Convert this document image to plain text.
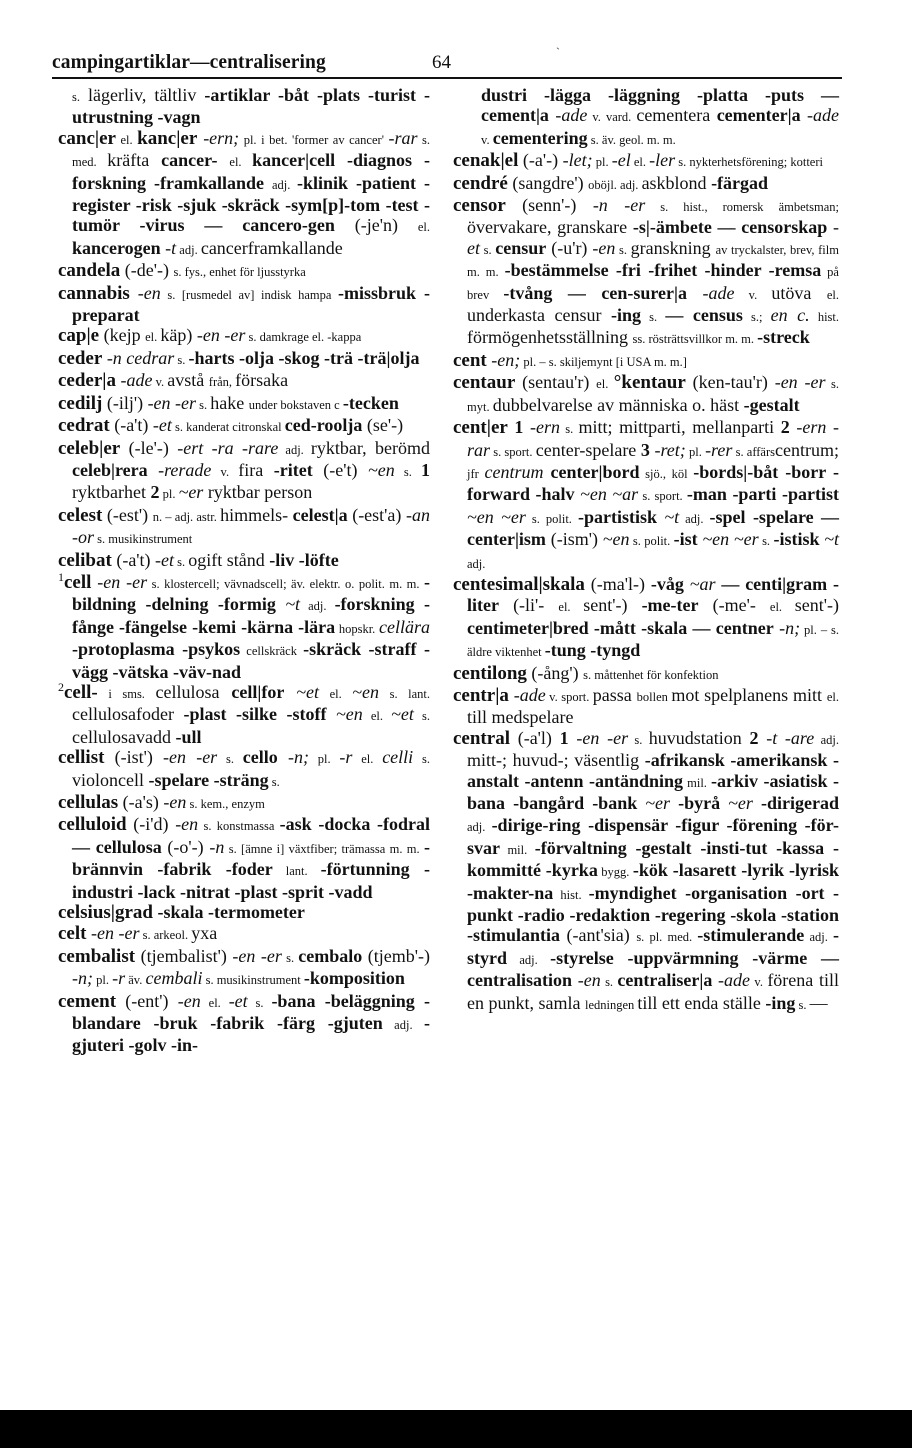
ˏ
campingartiklar—centralisering	64

s. lägerliv, tältliv -artiklar -båt -plats -turist -utrustning -vagn

canc|er el. kanc|er -ern; pl. i bet. 'former av cancer' -rar s. med. kräfta cancer- el. kancer|cell -diagnos -forskning -framkallande adj. -klinik -patient -register -risk -sjuk -skräck -sym[p]-tom -test -tumör -virus — cancero-gen (-je'n) el. kancerogen -t adj. cancerframkallande

candela (-de'-) s. fys., enhet för ljusstyrka

cannabis -en s. [rusmedel av] indisk hampa -missbruk -preparat

cap|e (kejp el. käp) -en -er s. damkrage el. -kappa

ceder -n cedrar s. -harts -olja -skog -trä -trä|olja

ceder|a -ade v. avstå från, försaka

cedilj (-ilj') -en -er s. hake under bokstaven c -tecken

cedrat (-a't) -et s. kanderat citronskal ced-roolja (se'-)

celeb|er (-le'-) -ert -ra -rare adj. ryktbar, berömd celeb|rera -rerade v. fira -ritet (-e't) ~en s. 1 ryktbarhet 2 pl. ~er ryktbar person

celest (-est') n. – adj. astr. himmels- celest|a (-est'a) -an -or s. musikinstrument

celibat (-a't) -et s. ogift stånd -liv -löfte

$^1$cell -en -er s. klostercell; vävnadscell; äv. elektr. o. polit. m. m. -bildning -delning -formig ~t adj. -forskning -fånge -fängelse -kemi -kärna -lära hopskr. cellära -protoplasma -psykos cellskräck -skräck -straff -vägg -vätska -väv-nad

$^2$cell- i sms. cellulosa cell|for ~et el. ~en s. lant. cellulosafoder -plast -silke -stoff ~en el. ~et s. cellulosavadd -ull

cellist (-ist') -en -er s. cello -n; pl. -r el. celli s. violoncell -spelare -sträng s.

cellulas (-a's) -en s. kem., enzym

celluloid (-i'd) -en s. konstmassa -ask -docka -fodral — cellulosa (-o'-) -n s. [ämne i] växtfiber; trämassa m. m. -brännvin -fabrik -foder lant. -förtunning -industri -lack -nitrat -plast -sprit -vadd

celsius|grad -skala -termometer

celt -en -er s. arkeol. yxa

cembalist (tjembalist') -en -er s. cembalo (tjemb'-) -n; pl. -r äv. cembali s. musikinstrument -komposition

cement (-ent') -en el. -et s. -bana -beläggning -blandare -bruk -fabrik -färg -gjuten adj. -gjuteri -golv -in-

dustri -lägga -läggning -platta -puts — cement|a -ade v. vard. cementera cementer|a -ade v. cementering s. äv. geol. m. m.

cenak|el (-a'-) -let; pl. -el el. -ler s. nykterhetsförening; kotteri

cendré (sangdre') oböjl. adj. askblond -färgad

censor (senn'-) -n -er s. hist., romersk ämbetsman; övervakare, granskare -s|-ämbete — censorskap -et s. censur (-u'r) -en s. granskning av tryckalster, brev, film m. m. -bestämmelse -fri -frihet -hinder -remsa på brev -tvång — cen-surer|a -ade v. utöva el. underkasta censur -ing s. — census s.; en c. hist. förmögenhetsställning ss. rösträttsvillkor m. m. -streck

cent -en; pl. – s. skiljemynt [i USA m. m.]

centaur (sentau'r) el. °kentaur (ken-tau'r) -en -er s. myt. dubbelvarelse av människa o. häst -gestalt

cent|er 1 -ern s. mitt; mittparti, mellanparti 2 -ern -rar s. sport. center-spelare 3 -ret; pl. -rer s. affärscentrum; jfr centrum center|bord sjö., köl -bords|-båt -borr -forward -halv ~en ~ar s. sport. -man -parti -partist ~en ~er s. polit. -partistisk ~t adj. -spel -spelare — center|ism (-ism') ~en s. polit. -ist ~en ~er s. -istisk ~t adj.

centesimal|skala (-ma'l-) -våg ~ar — centi|gram -liter (-li'- el. sent'-) -me-ter (-me'- el. sent'-) centimeter|bred -mått -skala — centner -n; pl. – s. äldre viktenhet -tung -tyngd

centilong (-ång') s. måttenhet för konfektion

centr|a -ade v. sport. passa bollen mot spelplanens mitt el. till medspelare

central (-a'l) 1 -en -er s. huvudstation 2 -t -are adj. mitt-; huvud-; väsentlig -afrikansk -amerikansk -anstalt -antenn -antändning mil. -arkiv -asiatisk -bana -bangård -bank ~er -byrå ~er -dirigerad adj. -dirige-ring -dispensär -figur -förening -för-svar mil. -förvaltning -gestalt -insti-tut -kassa -kommitté -kyrka bygg. -kök -lasarett -lyrik -lyrisk -makter-na hist. -myndighet -organisation -ort -punkt -radio -redaktion -regering -skola -station -stimulantia (-ant'sia) s. pl. med. -stimulerande adj. -styrd adj. -styrelse -uppvärmning -värme — centralisation -en s. centraliser|a -ade v. förena till en punkt, samla ledningen till ett enda ställe -ing s. —
